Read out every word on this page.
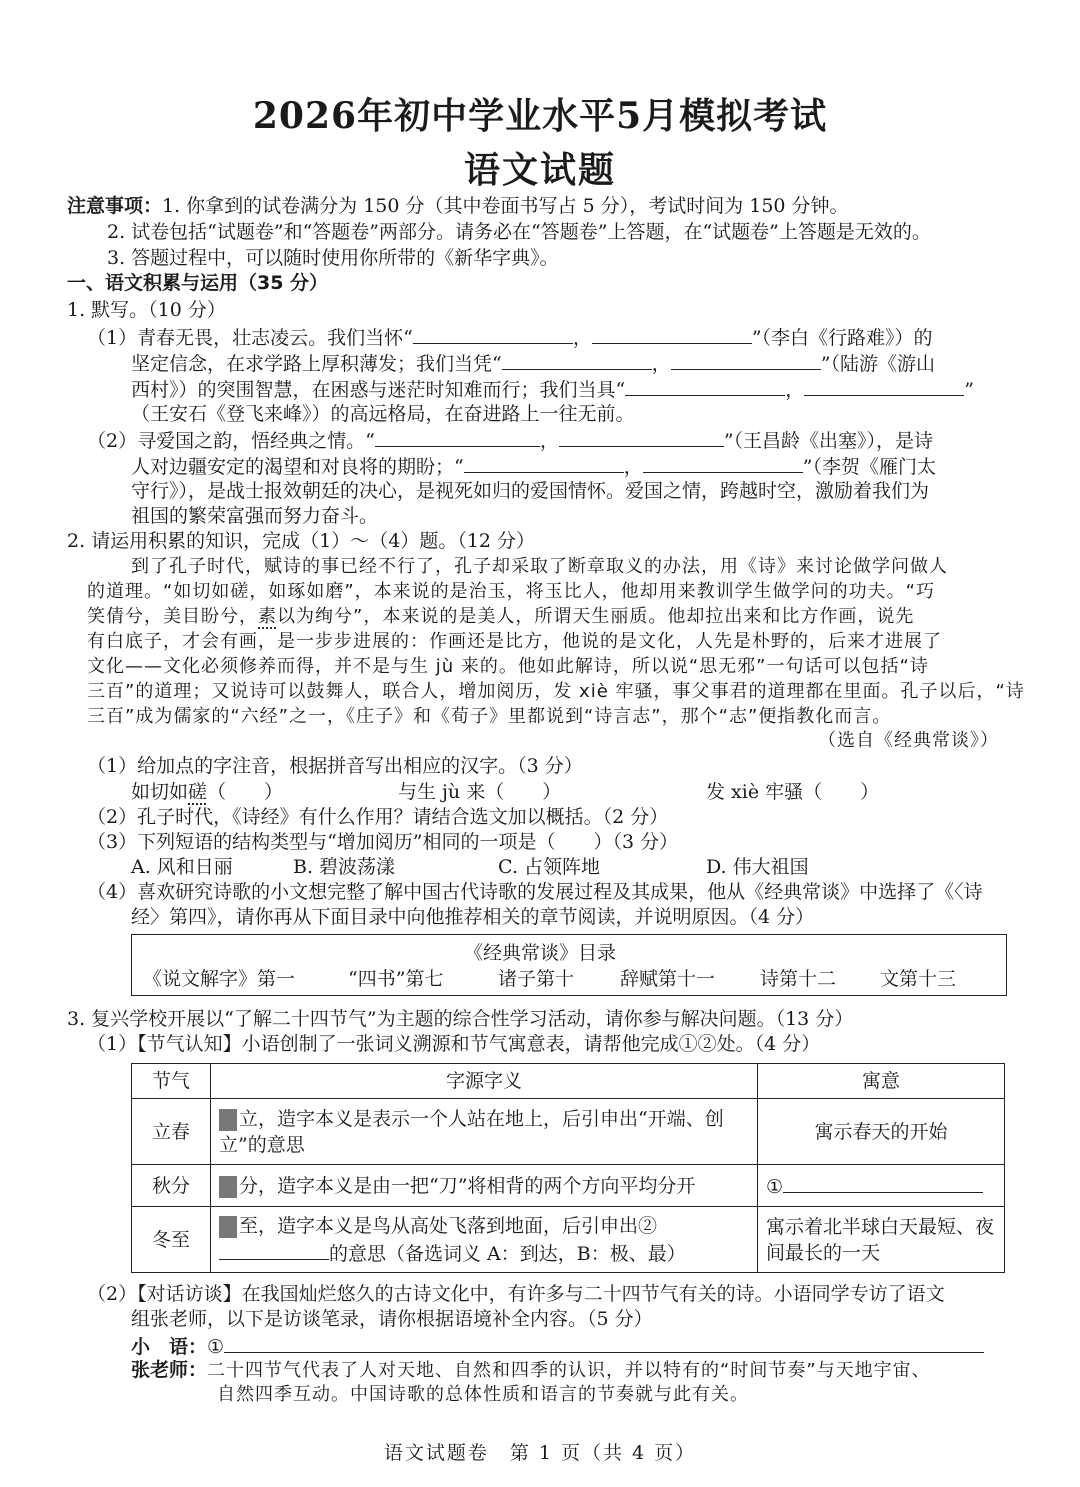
2026年初中学业水平5月模拟考试
语文试题
注意事项：1. 你拿到的试卷满分为 150 分（其中卷面书写占 5 分），考试时间为 150 分钟。
2. 试卷包括“试题卷”和“答题卷”两部分。请务必在“答题卷”上答题，在“试题卷”上答题是无效的。
3. 答题过程中，可以随时使用你所带的《新华字典》。
一、语文积累与运用（35 分）
1. 默写。（10 分）
（1）青春无畏，壮志凌云。我们当怀“	，	”（李白《行路难》）的
坚定信念，在求学路上厚积薄发；我们当凭“	，	”（陆游《游山
西村》）的突围智慧，在困惑与迷茫时知难而行；我们当具“	，	”
（王安石《登飞来峰》）的高远格局，在奋进路上一往无前。
（2）寻爱国之韵，悟经典之情。“	，	”（王昌龄《出塞》），是诗
人对边疆安定的渴望和对良将的期盼；“	，	”（李贺《雁门太
守行》），是战士报效朝廷的决心，是视死如归的爱国情怀。爱国之情，跨越时空，激励着我们为
祖国的繁荣富强而努力奋斗。
2. 请运用积累的知识，完成（1）～（4）题。（12 分）
到了孔子时代，赋诗的事已经不行了，孔子却采取了断章取义的办法，用《诗》来讨论做学问做人
的道理。“如切如磋，如琢如磨”，本来说的是治玉，将玉比人，他却用来教训学生做学问的功夫。“巧
笑倩兮，美目盼兮，素以为绚兮”，本来说的是美人，所谓天生丽质。他却拉出来和比方作画，说先
有白底子，才会有画，是一步步进展的：作画还是比方，他说的是文化，人先是朴野的，后来才进展了
文化——文化必须修养而得，并不是与生 jù 来的。他如此解诗，所以说“思无邪”一句话可以包括“诗
三百”的道理；又说诗可以鼓舞人，联合人，增加阅历，发 xiè 牢骚，事父事君的道理都在里面。孔子以后，“诗
三百”成为儒家的“六经”之一，《庄子》和《荀子》里都说到“诗言志”，那个“志”便指教化而言。
（选自《经典常谈》）
（1）给加点的字注音，根据拼音写出相应的汉字。（3 分）
如切如磋（　　）	与生 jù 来（　　）	发 xiè 牢骚（　　）
（2）孔子时代，《诗经》有什么作用？请结合选文加以概括。（2 分）
（3）下列短语的结构类型与“增加阅历”相同的一项是（　　）（3 分）
A. 风和日丽	B. 碧波荡漾	C. 占领阵地	D. 伟大祖国
（4）喜欢研究诗歌的小文想完整了解中国古代诗歌的发展过程及其成果，他从《经典常谈》中选择了《〈诗
经〉第四》，请你再从下面目录中向他推荐相关的章节阅读，并说明原因。（4 分）
《经典常谈》目录
《说文解字》第一	“四书”第七	诸子第十 辞赋第十一 诗第十二 文第十三
3. 复兴学校开展以“了解二十四节气”为主题的综合性学习活动，请你参与解决问题。（13 分）
（1）【节气认知】小语创制了一张词义溯源和节气寓意表，请帮他完成①②处。（4 分）
节气	字源字义	寓意
立春	立，造字本义是表示一个人站在地上，后引申出“开端、创立”的意思	寓示春天的开始
秋分	分，造字本义是由一把“刀”将相背的两个方向平均分开	①
冬至	至，造字本义是鸟从高处飞落到地面，后引申出②的意思（备选词义 A：到达，B：极、最）	寓示着北半球白天最短、夜间最长的一天
（2）【对话访谈】在我国灿烂悠久的古诗文化中，有许多与二十四节气有关的诗。小语同学专访了语文
组张老师，以下是访谈笔录，请你根据语境补全内容。（5 分）
小　语：①
张老师：二十四节气代表了人对天地、自然和四季的认识，并以特有的“时间节奏”与天地宇宙、
自然四季互动。中国诗歌的总体性质和语言的节奏就与此有关。
语文试题卷　第 1 页（共 4 页）
